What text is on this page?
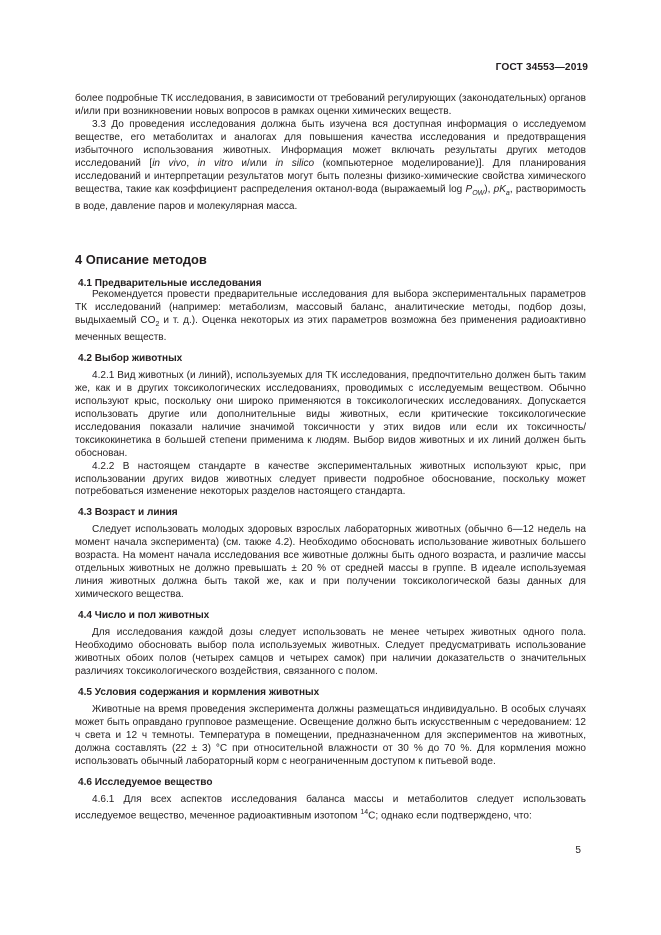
ГОСТ 34553—2019

более подробные ТК исследования, в зависимости от требований регулирующих (законодательных) органов и/или при возникновении новых вопросов в рамках оценки химических веществ.

3.3 До проведения исследования должна быть изучена вся доступная информация о исследуемом веществе, его метаболитах и аналогах для повышения качества исследования и предотвращения избыточного использования животных. Информация может включать результаты других методов исследований [in vivo, in vitro и/или in silico (компьютерное моделирование)]. Для планирования исследований и интерпретации результатов могут быть полезны физико-химические свойства химического вещества, такие как коэффициент распределения октанол-вода (выражаемый $\log P_{OW}$), $pK_a$, растворимость в воде, давление паров и молекулярная масса.

4 Описание методов
4.1 Предварительные исследования

Рекомендуется провести предварительные исследования для выбора экспериментальных параметров ТК исследований (например: метаболизм, массовый баланс, аналитические методы, подбор дозы, выдыхаемый $CO_2$ и т. д.). Оценка некоторых из этих параметров возможна без применения радиоактивно меченных веществ.

4.2 Выбор животных

4.2.1 Вид животных (и линий), используемых для ТК исследования, предпочтительно должен быть таким же, как и в других токсикологических исследованиях, проводимых с исследуемым веществом. Обычно используют крыс, поскольку они широко применяются в токсикологических исследованиях. Допускается использовать другие или дополнительные виды животных, если критические токсикологические исследования показали наличие значимой токсичности у этих видов или если их токсичность/токсикокинетика в большей степени применима к людям. Выбор видов животных и их линий должен быть обоснован.

4.2.2 В настоящем стандарте в качестве экспериментальных животных используют крыс, при использовании других видов животных следует привести подробное обоснование, поскольку может потребоваться изменение некоторых разделов настоящего стандарта.

4.3 Возраст и линия

Следует использовать молодых здоровых взрослых лабораторных животных (обычно 6—12 недель на момент начала эксперимента) (см. также 4.2). Необходимо обосновать использование животных большего возраста. На момент начала исследования все животные должны быть одного возраста, и различие массы отдельных животных не должно превышать ± 20 % от средней массы в группе. В идеале используемая линия животных должна быть такой же, как и при получении токсикологической базы данных для химического вещества.

4.4 Число и пол животных

Для исследования каждой дозы следует использовать не менее четырех животных одного пола. Необходимо обосновать выбор пола используемых животных. Следует предусматривать использование животных обоих полов (четырех самцов и четырех самок) при наличии доказательств о значительных различиях токсикологического воздействия, связанного с полом.

4.5 Условия содержания и кормления животных

Животные на время проведения эксперимента должны размещаться индивидуально. В особых случаях может быть оправдано групповое размещение. Освещение должно быть искусственным с чередованием: 12 ч света и 12 ч темноты. Температура в помещении, предназначенном для экспериментов на животных, должна составлять (22 ± 3) °С при относительной влажности от 30 % до 70 %. Для кормления можно использовать обычный лабораторный корм с неограниченным доступом к питьевой воде.

4.6 Исследуемое вещество

4.6.1 Для всех аспектов исследования баланса массы и метаболитов следует использовать исследуемое вещество, меченное радиоактивным изотопом $^{14}$С; однако если подтверждено, что:

5
